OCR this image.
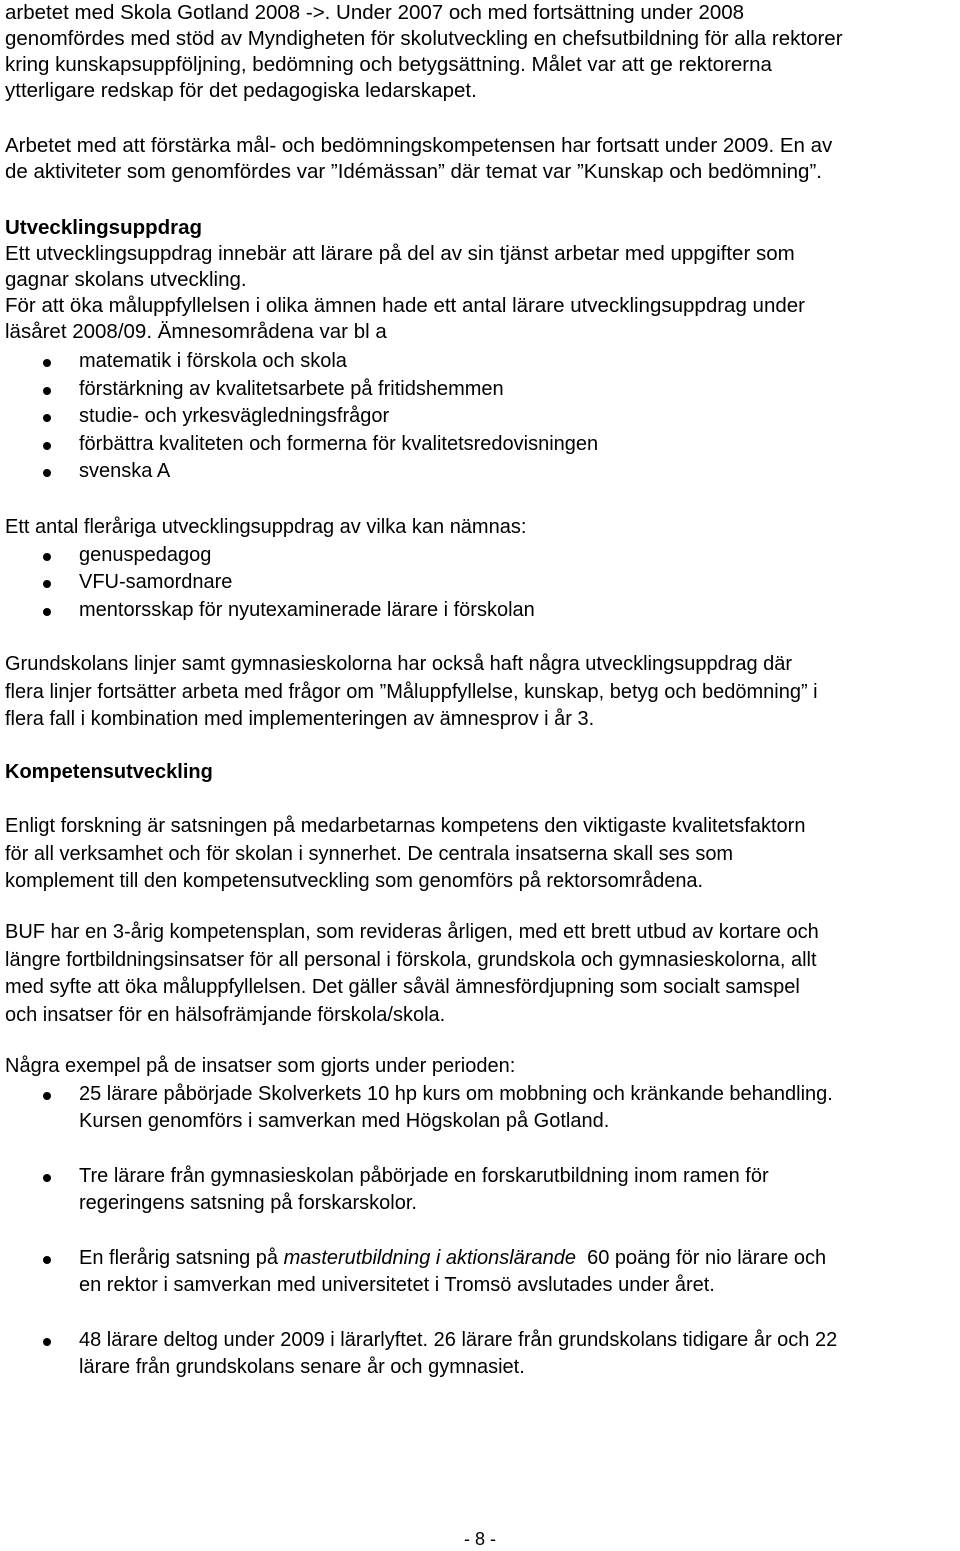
arbetet med Skola Gotland 2008 ->. Under 2007 och med fortsättning under 2008

genomfördes med stöd av Myndigheten för skolutveckling en chefsutbildning för alla rektorer

kring kunskapsuppföljning, bedömning och betygsättning. Målet var att ge rektorerna

ytterligare redskap för det pedagogiska ledarskapet.

Arbetet med att förstärka mål- och bedömningskompetensen har fortsatt under 2009. En av

de aktiviteter som genomfördes var ”Idémässan” där temat var ”Kunskap och bedömning”.

Utvecklingsuppdrag

Ett utvecklingsuppdrag innebär att lärare på del av sin tjänst arbetar med uppgifter som

gagnar skolans utveckling.

För att öka måluppfyllelsen i olika ämnen hade ett antal lärare utvecklingsuppdrag under

läsåret 2008/09. Ämnesområdena var bl a

matematik i förskola och skola
förstärkning av kvalitetsarbete på fritidshemmen
studie- och yrkesvägledningsfrågor
förbättra kvaliteten och formerna för kvalitetsredovisningen
svenska A

Ett antal fleråriga utvecklingsuppdrag av vilka kan nämnas:

genuspedagog
VFU-samordnare
mentorsskap för nyutexaminerade lärare i förskolan

Grundskolans linjer samt gymnasieskolorna har också haft några utvecklingsuppdrag där

flera linjer fortsätter arbeta med frågor om ”Måluppfyllelse, kunskap, betyg och bedömning” i

flera fall i kombination med implementeringen av ämnesprov i år 3.

Kompetensutveckling

Enligt forskning är satsningen på medarbetarnas kompetens den viktigaste kvalitetsfaktorn

för all verksamhet och för skolan i synnerhet. De centrala insatserna skall ses som

komplement till den kompetensutveckling som genomförs på rektorsområdena.

BUF har en 3-årig kompetensplan, som revideras årligen, med ett brett utbud av kortare och

längre fortbildningsinsatser för all personal i förskola, grundskola och gymnasieskolorna, allt

med syfte att öka måluppfyllelsen. Det gäller såväl ämnesfördjupning som socialt samspel

och insatser för en hälsofrämjande förskola/skola.

Några exempel på de insatser som gjorts under perioden:

25 lärare påbörjade Skolverkets 10 hp kurs om mobbning och kränkande behandling.
Kursen genomförs i samverkan med Högskolan på Gotland.
Tre lärare från gymnasieskolan påbörjade en forskarutbildning inom ramen för
regeringens satsning på forskarskolor.
En flerårig satsning på masterutbildning i aktionslärande  60 poäng för nio lärare och
en rektor i samverkan med universitetet i Tromsö avslutades under året.
48 lärare deltog under 2009 i lärarlyftet. 26 lärare från grundskolans tidigare år och 22
lärare från grundskolans senare år och gymnasiet.
- 8 -
